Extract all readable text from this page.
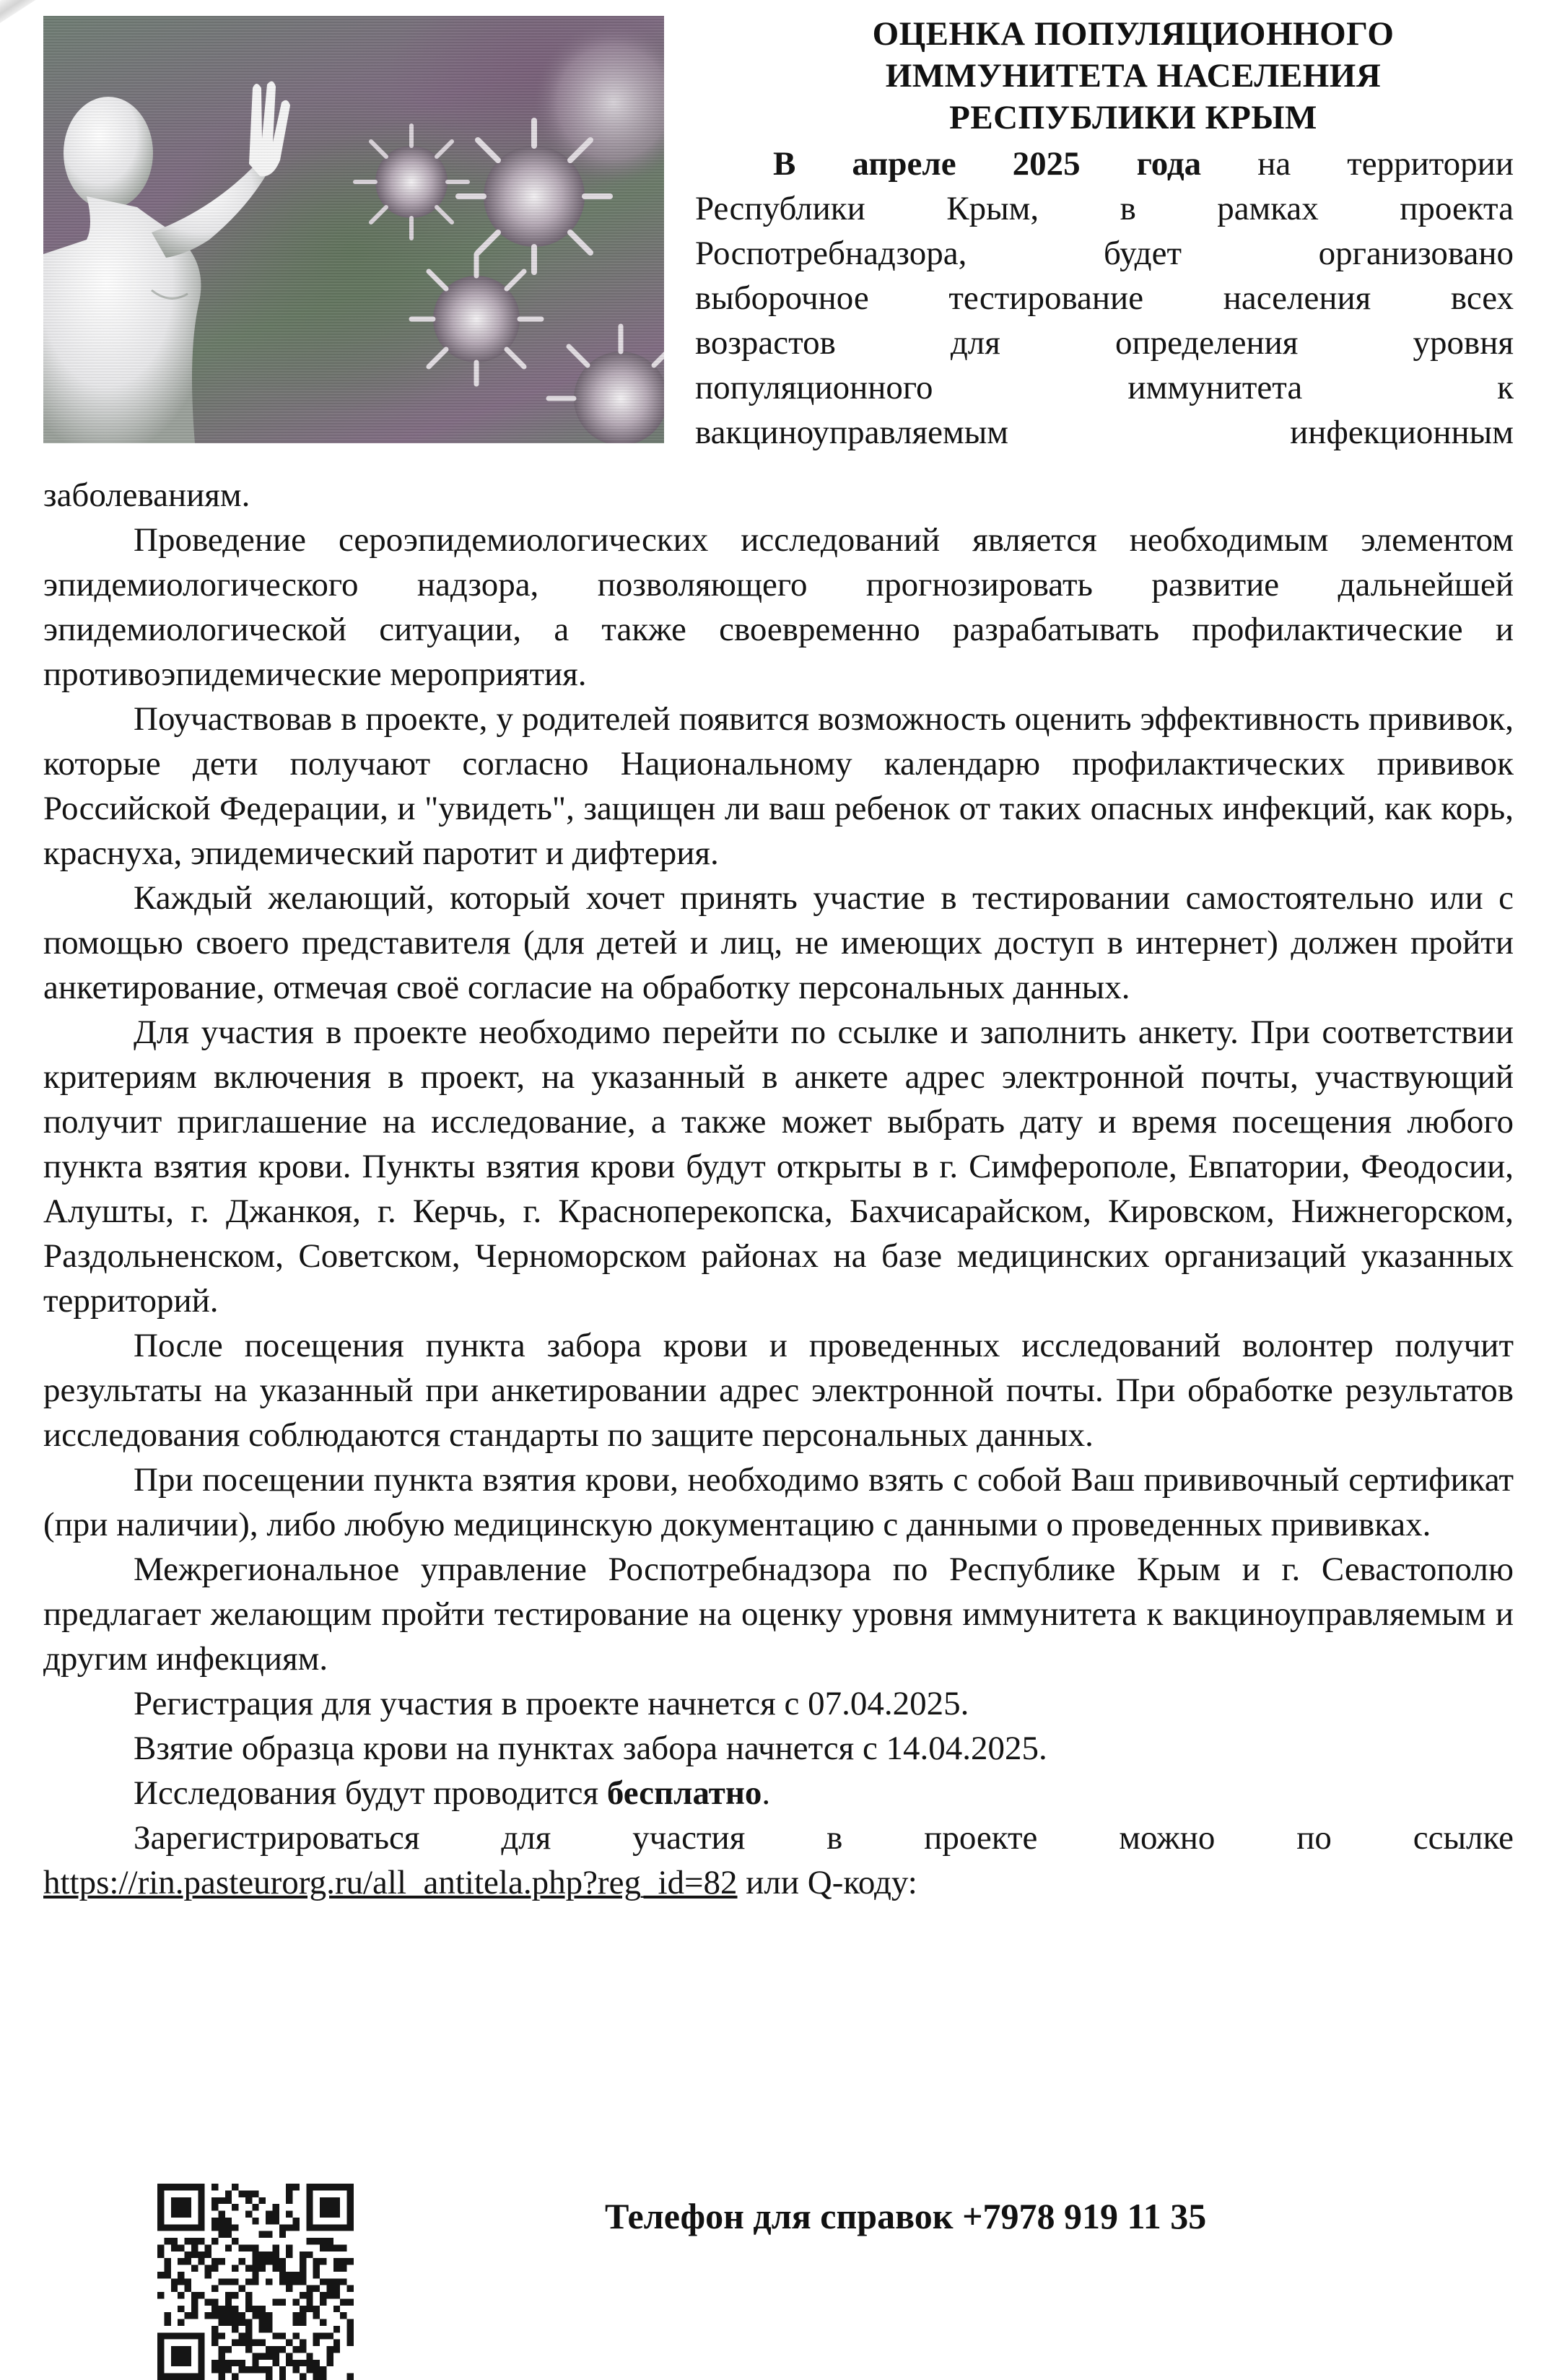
ОЦЕНКА ПОПУЛЯЦИОННОГО
ИММУНИТЕТА НАСЕЛЕНИЯ
РЕСПУБЛИКИ КРЫМ
В апреле 2025 года на территории
Республики Крым, в рамках проекта
Роспотребнадзора, будет организовано
выборочное тестирование населения всех
возрастов для определения уровня
популяционного иммунитета к
вакциноуправляемым инфекционным

заболеваниям.

Проведение сероэпидемиологических исследований является необходимым элементом эпидемиологического надзора, позволяющего прогнозировать развитие дальнейшей эпидемиологической ситуации, а также своевременно разрабатывать профилактические и противоэпидемические мероприятия.

Поучаствовав в проекте, у родителей появится возможность оценить эффективность прививок, которые дети получают согласно Национальному календарю профилактических прививок Российской Федерации, и "увидеть", защищен ли ваш ребенок от таких опасных инфекций, как корь, краснуха, эпидемический паротит и дифтерия.

Каждый желающий, который хочет принять участие в тестировании самостоятельно или с помощью своего представителя (для детей и лиц, не имеющих доступ в интернет) должен пройти анкетирование, отмечая своё согласие на обработку персональных данных.

Для участия в проекте необходимо перейти по ссылке и заполнить анкету. При соответствии критериям включения в проект, на указанный в анкете адрес электронной почты, участвующий получит приглашение на исследование, а также может выбрать дату и время посещения любого пункта взятия крови. Пункты взятия крови будут открыты в г. Симферополе, Евпатории, Феодосии, Алушты, г. Джанкоя, г. Керчь, г. Красноперекопска, Бахчисарайском, Кировском, Нижнегорском, Раздольненском, Советском, Черноморском районах на базе медицинских организаций указанных территорий.

После посещения пункта забора крови и проведенных исследований волонтер получит результаты на указанный при анкетировании адрес электронной почты. При обработке результатов исследования соблюдаются стандарты по защите персональных данных.

При посещении пункта взятия крови, необходимо взять с собой Ваш прививочный сертификат (при наличии), либо любую медицинскую документацию с данными о проведенных прививках.

Межрегиональное управление Роспотребнадзора по Республике Крым и г. Севастополю предлагает желающим пройти тестирование на оценку уровня иммунитета к вакциноуправляемым и другим инфекциям.

Регистрация для участия в проекте начнется с 07.04.2025.

Взятие образца крови на пунктах забора начнется с 14.04.2025.

Исследования будут проводится бесплатно.

Зарегистрироваться для участия в проекте можно по ссылке

https://rin.pasteurorg.ru/all_antitela.php?reg_id=82 или Q-коду:

Телефон для справок +7978 919 11 35
